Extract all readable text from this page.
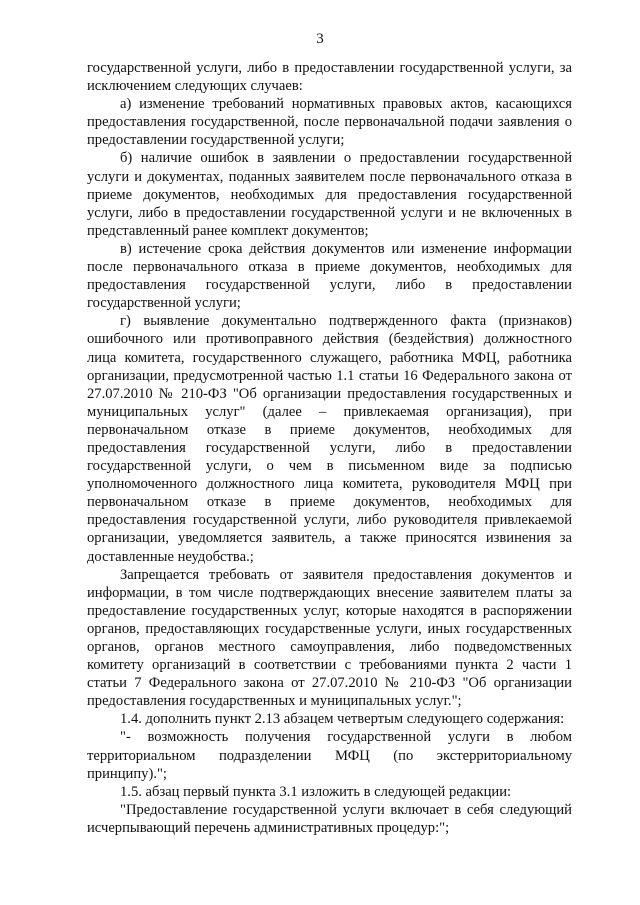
3

государственной услуги, либо в предоставлении государственной услуги, за исключением следующих случаев:

а) изменение требований нормативных правовых актов, касающихся предоставления государственной, после первоначальной подачи заявления о предоставлении государственной услуги;

б) наличие ошибок в заявлении о предоставлении государственной услуги и документах, поданных заявителем после первоначального отказа в приеме документов, необходимых для предоставления государственной услуги, либо в предоставлении государственной услуги и не включенных в представленный ранее комплект документов;

в) истечение срока действия документов или изменение информации после первоначального отказа в приеме документов, необходимых для предоставления государственной услуги, либо в предоставлении государственной услуги;

г) выявление документально подтвержденного факта (признаков) ошибочного или противоправного действия (бездействия) должностного лица комитета, государственного служащего, работника МФЦ, работника организации, предусмотренной частью 1.1 статьи 16 Федерального закона от 27.07.2010 № 210-ФЗ "Об организации предоставления государственных и муниципальных услуг" (далее – привлекаемая организация), при первоначальном отказе в приеме документов, необходимых для предоставления государственной услуги, либо в предоставлении государственной услуги, о чем в письменном виде за подписью уполномоченного должностного лица комитета, руководителя МФЦ при первоначальном отказе в приеме документов, необходимых для предоставления государственной услуги, либо руководителя привлекаемой организации, уведомляется заявитель, а также приносятся извинения за доставленные неудобства.;

Запрещается требовать от заявителя предоставления документов и информации, в том числе подтверждающих внесение заявителем платы за предоставление государственных услуг, которые находятся в распоряжении органов, предоставляющих государственные услуги, иных государственных органов, органов местного самоуправления, либо подведомственных комитету организаций в соответствии с требованиями пункта 2 части 1 статьи 7 Федерального закона от 27.07.2010 № 210-ФЗ "Об организации предоставления государственных и муниципальных услуг.";

1.4. дополнить пункт 2.13 абзацем четвертым следующего содержания:

"- возможность получения государственной услуги в любом территориальном подразделении МФЦ (по экстерриториальному принципу).";

1.5. абзац первый пункта 3.1 изложить в следующей редакции:

"Предоставление государственной услуги включает в себя следующий исчерпывающий перечень административных процедур:";
